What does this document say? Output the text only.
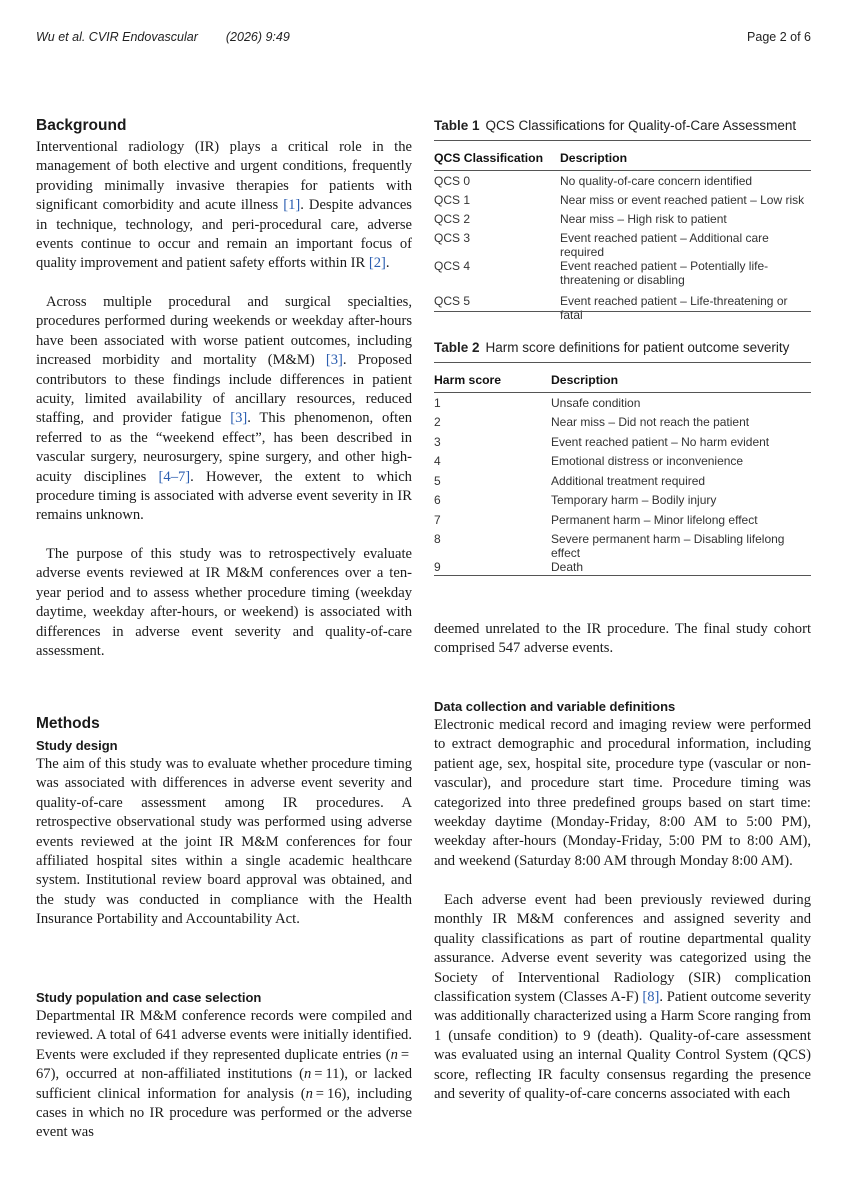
Wu et al. CVIR Endovascular (2026) 9:49	Page 2 of 6
Background

Interventional radiology (IR) plays a critical role in the management of both elective and urgent conditions, frequently providing minimally invasive therapies for patients with significant comorbidity and acute illness [1]. Despite advances in technique, technology, and peri-procedural care, adverse events continue to occur and remain an important focus of quality improvement and patient safety efforts within IR [2].

Across multiple procedural and surgical specialties, procedures performed during weekends or weekday after-hours have been associated with worse patient outcomes, including increased morbidity and mortality (M&M) [3]. Proposed contributors to these findings include differences in patient acuity, limited availability of ancillary resources, reduced staffing, and provider fatigue [3]. This phenomenon, often referred to as the “weekend effect”, has been described in vascular surgery, neurosurgery, spine surgery, and other high-acuity disciplines [4–7]. However, the extent to which procedure timing is associated with adverse event severity in IR remains unknown.

The purpose of this study was to retrospectively evaluate adverse events reviewed at IR M&M conferences over a ten-year period and to assess whether procedure timing (weekday daytime, weekday after-hours, or weekend) is associated with differences in adverse event severity and quality-of-care assessment.

Methods
Study design

The aim of this study was to evaluate whether procedure timing was associated with differences in adverse event severity and quality-of-care assessment among IR procedures. A retrospective observational study was performed using adverse events reviewed at the joint IR M&M conferences for four affiliated hospital sites within a single academic healthcare system. Institutional review board approval was obtained, and the study was conducted in compliance with the Health Insurance Portability and Accountability Act.

Study population and case selection

Departmental IR M&M conference records were compiled and reviewed. A total of 641 adverse events were initially identified. Events were excluded if they represented duplicate entries (n = 67), occurred at non-affiliated institutions (n = 11), or lacked sufficient clinical information for analysis (n = 16), including cases in which no IR procedure was performed or the adverse event was

Table 1 QCS Classifications for Quality-of-Care Assessment

QCS Classification	Description
QCS 0	No quality-of-care concern identified
QCS 1	Near miss or event reached patient – Low risk
QCS 2	Near miss – High risk to patient
QCS 3	Event reached patient – Additional care required
QCS 4	Event reached patient – Potentially life-threatening or disabling
QCS 5	Event reached patient – Life-threatening or fatal

Table 2 Harm score definitions for patient outcome severity

Harm score	Description
1	Unsafe condition
2	Near miss – Did not reach the patient
3	Event reached patient – No harm evident
4	Emotional distress or inconvenience
5	Additional treatment required
6	Temporary harm – Bodily injury
7	Permanent harm – Minor lifelong effect
8	Severe permanent harm – Disabling lifelong effect
9	Death

deemed unrelated to the IR procedure. The final study cohort comprised 547 adverse events.

Data collection and variable definitions

Electronic medical record and imaging review were performed to extract demographic and procedural information, including patient age, sex, hospital site, procedure type (vascular or non-vascular), and procedure start time. Procedure timing was categorized into three predefined groups based on start time: weekday daytime (Monday-Friday, 8:00 AM to 5:00 PM), weekday after-hours (Monday-Friday, 5:00 PM to 8:00 AM), and weekend (Saturday 8:00 AM through Monday 8:00 AM).

Each adverse event had been previously reviewed during monthly IR M&M conferences and assigned severity and quality classifications as part of routine departmental quality assurance. Adverse event severity was categorized using the Society of Interventional Radiology (SIR) complication classification system (Classes A-F) [8]. Patient outcome severity was additionally characterized using a Harm Score ranging from 1 (unsafe condition) to 9 (death). Quality-of-care assessment was evaluated using an internal Quality Control System (QCS) score, reflecting IR faculty consensus regarding the presence and severity of quality-of-care concerns associated with each
